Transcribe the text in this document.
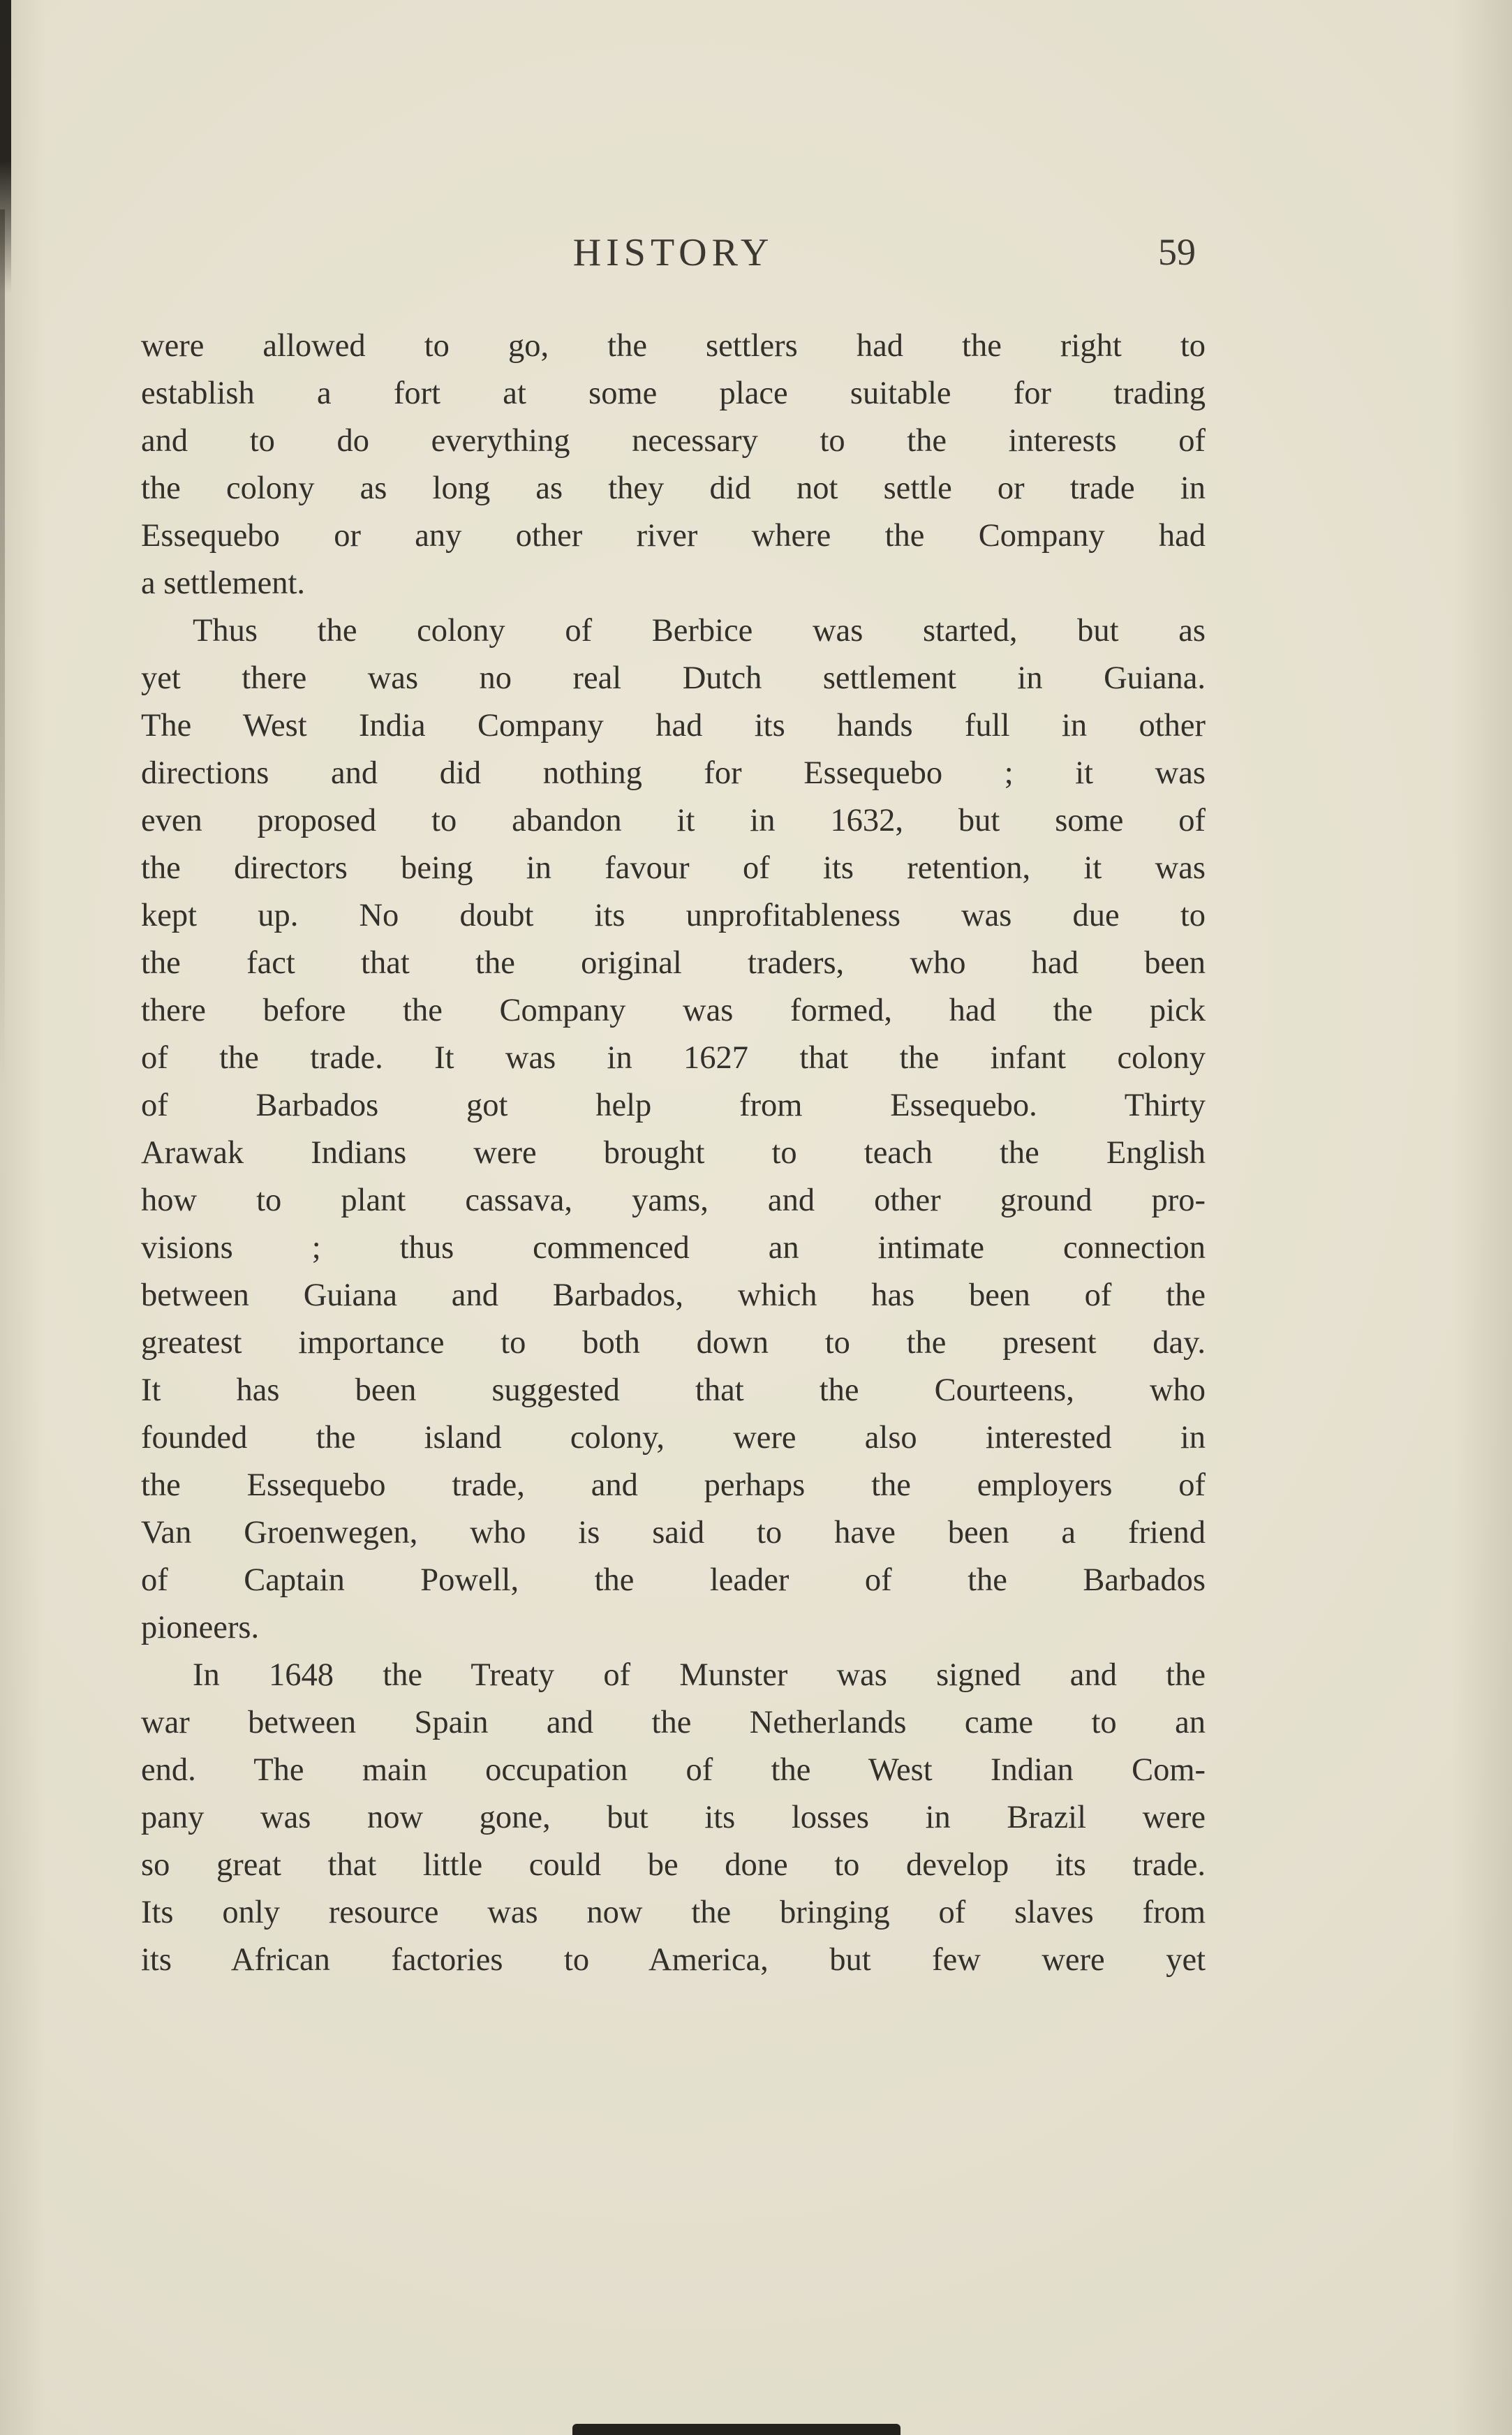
HISTORY	59
were allowed to go, the settlers had the right to
establish a fort at some place suitable for trading
and to do everything necessary to the interests of
the colony as long as they did not settle or trade in
Essequebo or any other river where the Company had
a settlement.
Thus the colony of Berbice was started, but as
yet there was no real Dutch settlement in Guiana.
The West India Company had its hands full in other
directions and did nothing for Essequebo ; it was
even proposed to abandon it in 1632, but some of
the directors being in favour of its retention, it was
kept up. No doubt its unprofitableness was due to
the fact that the original traders, who had been
there before the Company was formed, had the pick
of the trade. It was in 1627 that the infant colony
of Barbados got help from Essequebo. Thirty
Arawak Indians were brought to teach the English
how to plant cassava, yams, and other ground pro-
visions ; thus commenced an intimate connection
between Guiana and Barbados, which has been of the
greatest importance to both down to the present day.
It has been suggested that the Courteens, who
founded the island colony, were also interested in
the Essequebo trade, and perhaps the employers of
Van Groenwegen, who is said to have been a friend
of Captain Powell, the leader of the Barbados
pioneers.
In 1648 the Treaty of Munster was signed and the
war between Spain and the Netherlands came to an
end. The main occupation of the West Indian Com-
pany was now gone, but its losses in Brazil were
so great that little could be done to develop its trade.
Its only resource was now the bringing of slaves from
its African factories to America, but few were yet
